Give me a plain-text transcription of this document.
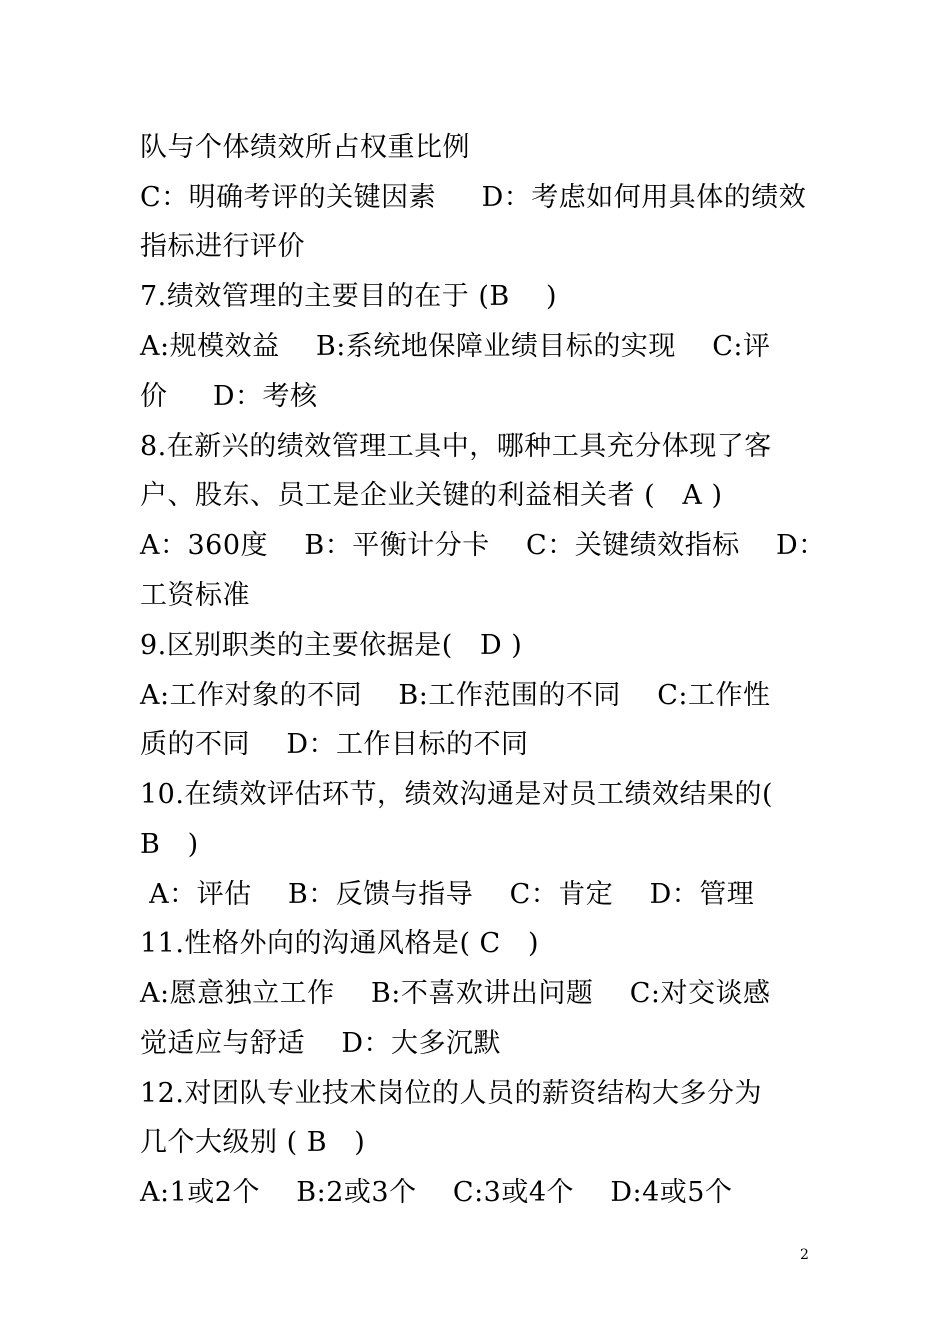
队与个体绩效所占权重比例
C：明确考评的关键因素     D：考虑如何用具体的绩效
指标进行评价
7.绩效管理的主要目的在于 (B    )
A:规模效益    B:系统地保障业绩目标的实现    C:评
价     D：考核
8.在新兴的绩效管理工具中，哪种工具充分体现了客
户、股东、员工是企业关键的利益相关者 (   A )
A：360度    B：平衡计分卡    C：关键绩效指标    D：
工资标准
9.区别职类的主要依据是(   D )
A:工作对象的不同    B:工作范围的不同    C:工作性
质的不同    D：工作目标的不同
10.在绩效评估环节，绩效沟通是对员工绩效结果的(
B   )
A：评估    B：反馈与指导    C：肯定    D：管理
11.性格外向的沟通风格是( C   )
A:愿意独立工作    B:不喜欢讲出问题    C:对交谈感
觉适应与舒适    D：大多沉默
12.对团队专业技术岗位的人员的薪资结构大多分为
几个大级别 ( B   )
A:1或2个    B:2或3个    C:3或4个    D:4或5个
2
